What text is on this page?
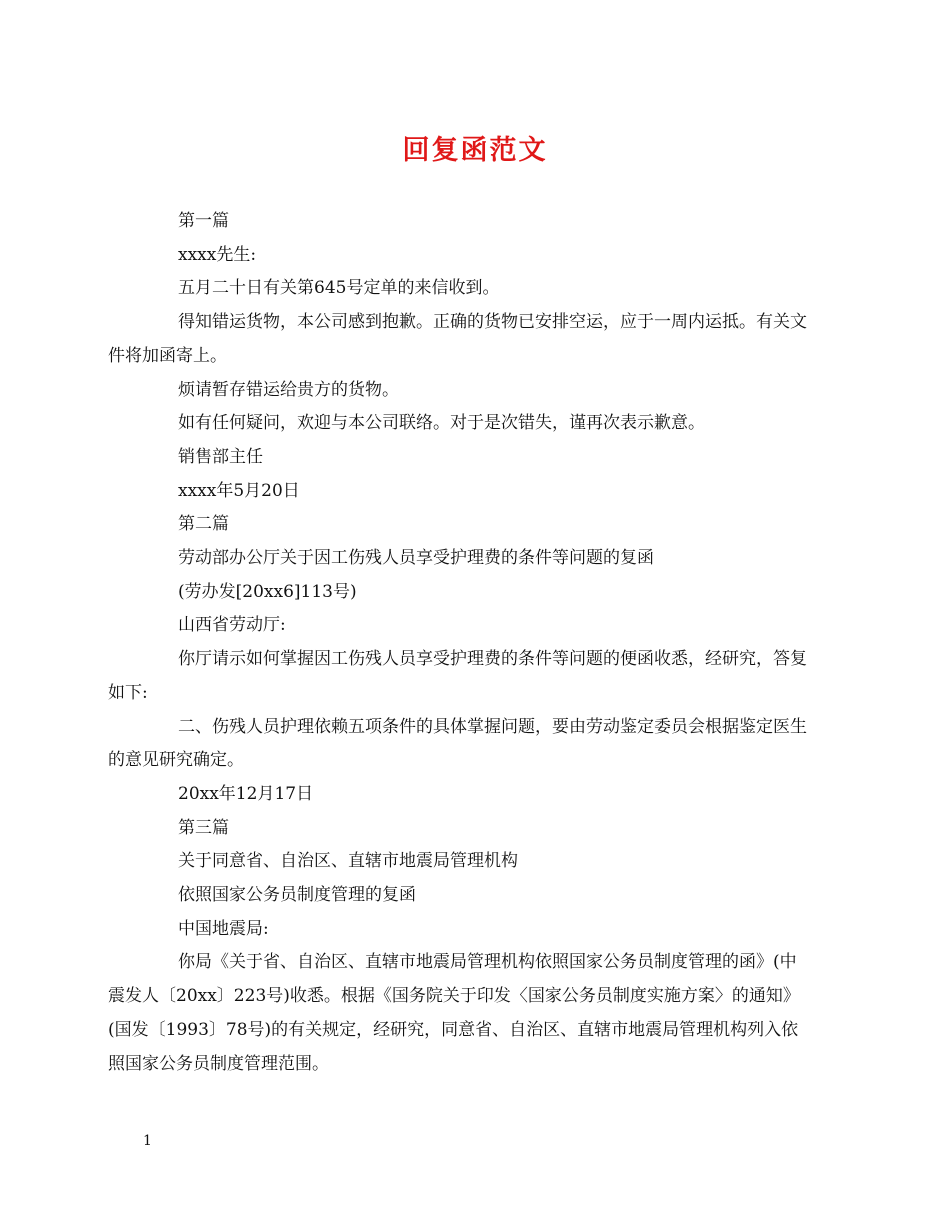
回复函范文

第一篇

xxxx先生:

五月二十日有关第645号定单的来信收到。

得知错运货物，本公司感到抱歉。正确的货物已安排空运，应于一周内运抵。有关文件将加函寄上。

烦请暂存错运给贵方的货物。

如有任何疑问，欢迎与本公司联络。对于是次错失，谨再次表示歉意。

销售部主任

xxxx年5月20日

第二篇

劳动部办公厅关于因工伤残人员享受护理费的条件等问题的复函

(劳办发[20xx6]113号)

山西省劳动厅:

你厅请示如何掌握因工伤残人员享受护理费的条件等问题的便函收悉，经研究，答复如下:

二、伤残人员护理依赖五项条件的具体掌握问题，要由劳动鉴定委员会根据鉴定医生的意见研究确定。

20xx年12月17日

第三篇

关于同意省、自治区、直辖市地震局管理机构

依照国家公务员制度管理的复函

中国地震局:

你局《关于省、自治区、直辖市地震局管理机构依照国家公务员制度管理的函》(中震发人〔20xx〕223号)收悉。根据《国务院关于印发〈国家公务员制度实施方案〉的通知》(国发〔1993〕78号)的有关规定，经研究，同意省、自治区、直辖市地震局管理机构列入依照国家公务员制度管理范围。

1
